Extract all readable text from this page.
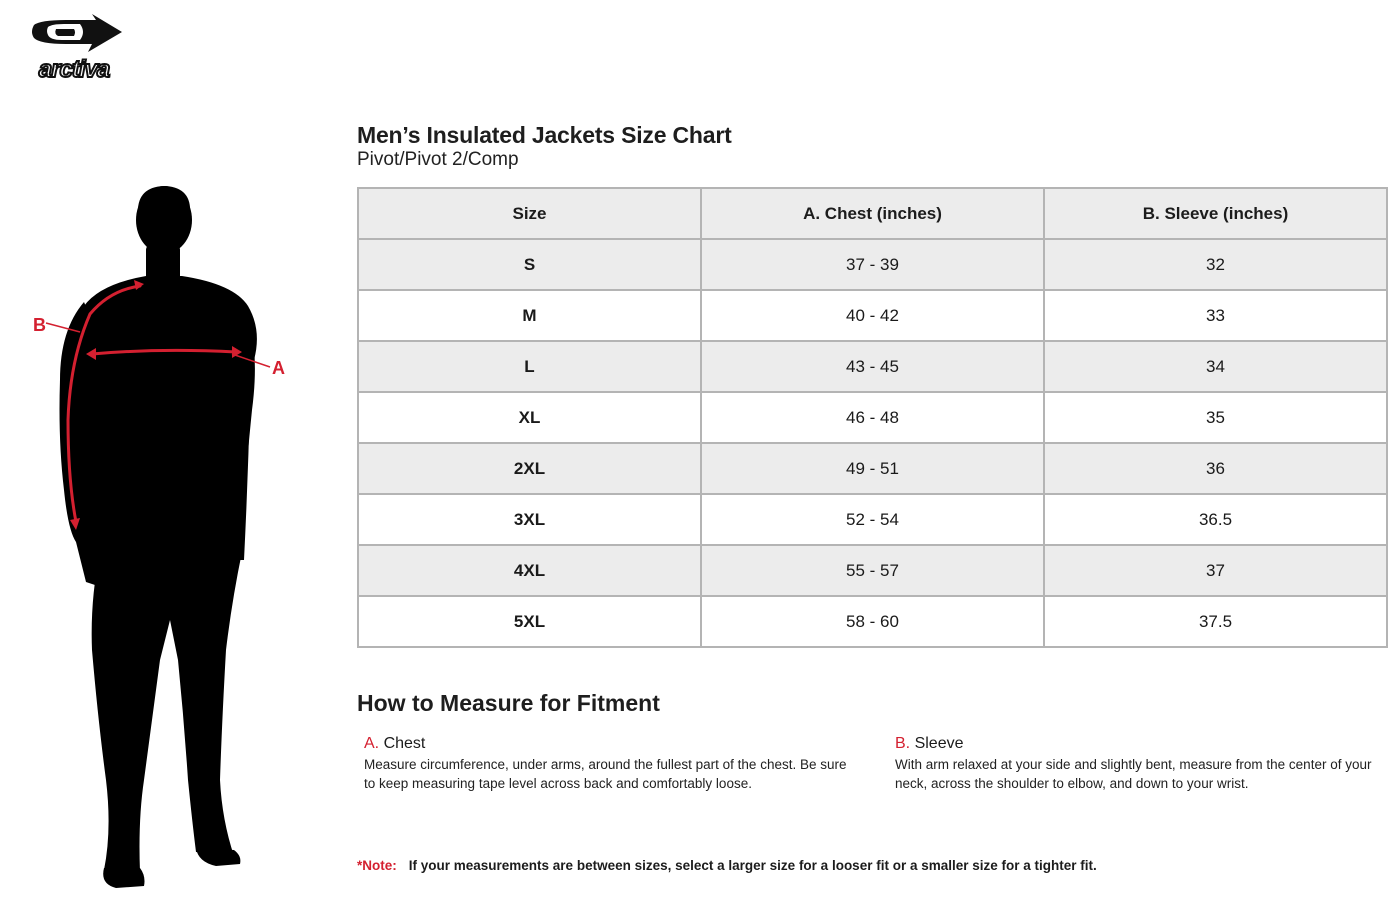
arctiva
B
A
Men’s Insulated Jackets Size Chart

Pivot/Pivot 2/Comp

Size	A. Chest (inches)	B. Sleeve (inches)
S	37 - 39	32
M	40 - 42	33
L	43 - 45	34
XL	46 - 48	35
2XL	49 - 51	36
3XL	52 - 54	36.5
4XL	55 - 57	37
5XL	58 - 60	37.5
How to Measure for Fitment

A. Chest

Measure circumference, under arms, around the fullest part of the chest. Be sure to keep measuring tape level across back and comfortably loose.

B. Sleeve

With arm relaxed at your side and slightly bent, measure from the center of your neck, across the shoulder to elbow, and down to your wrist.

*Note: If your measurements are between sizes, select a larger size for a looser fit or a smaller size for a tighter fit.
